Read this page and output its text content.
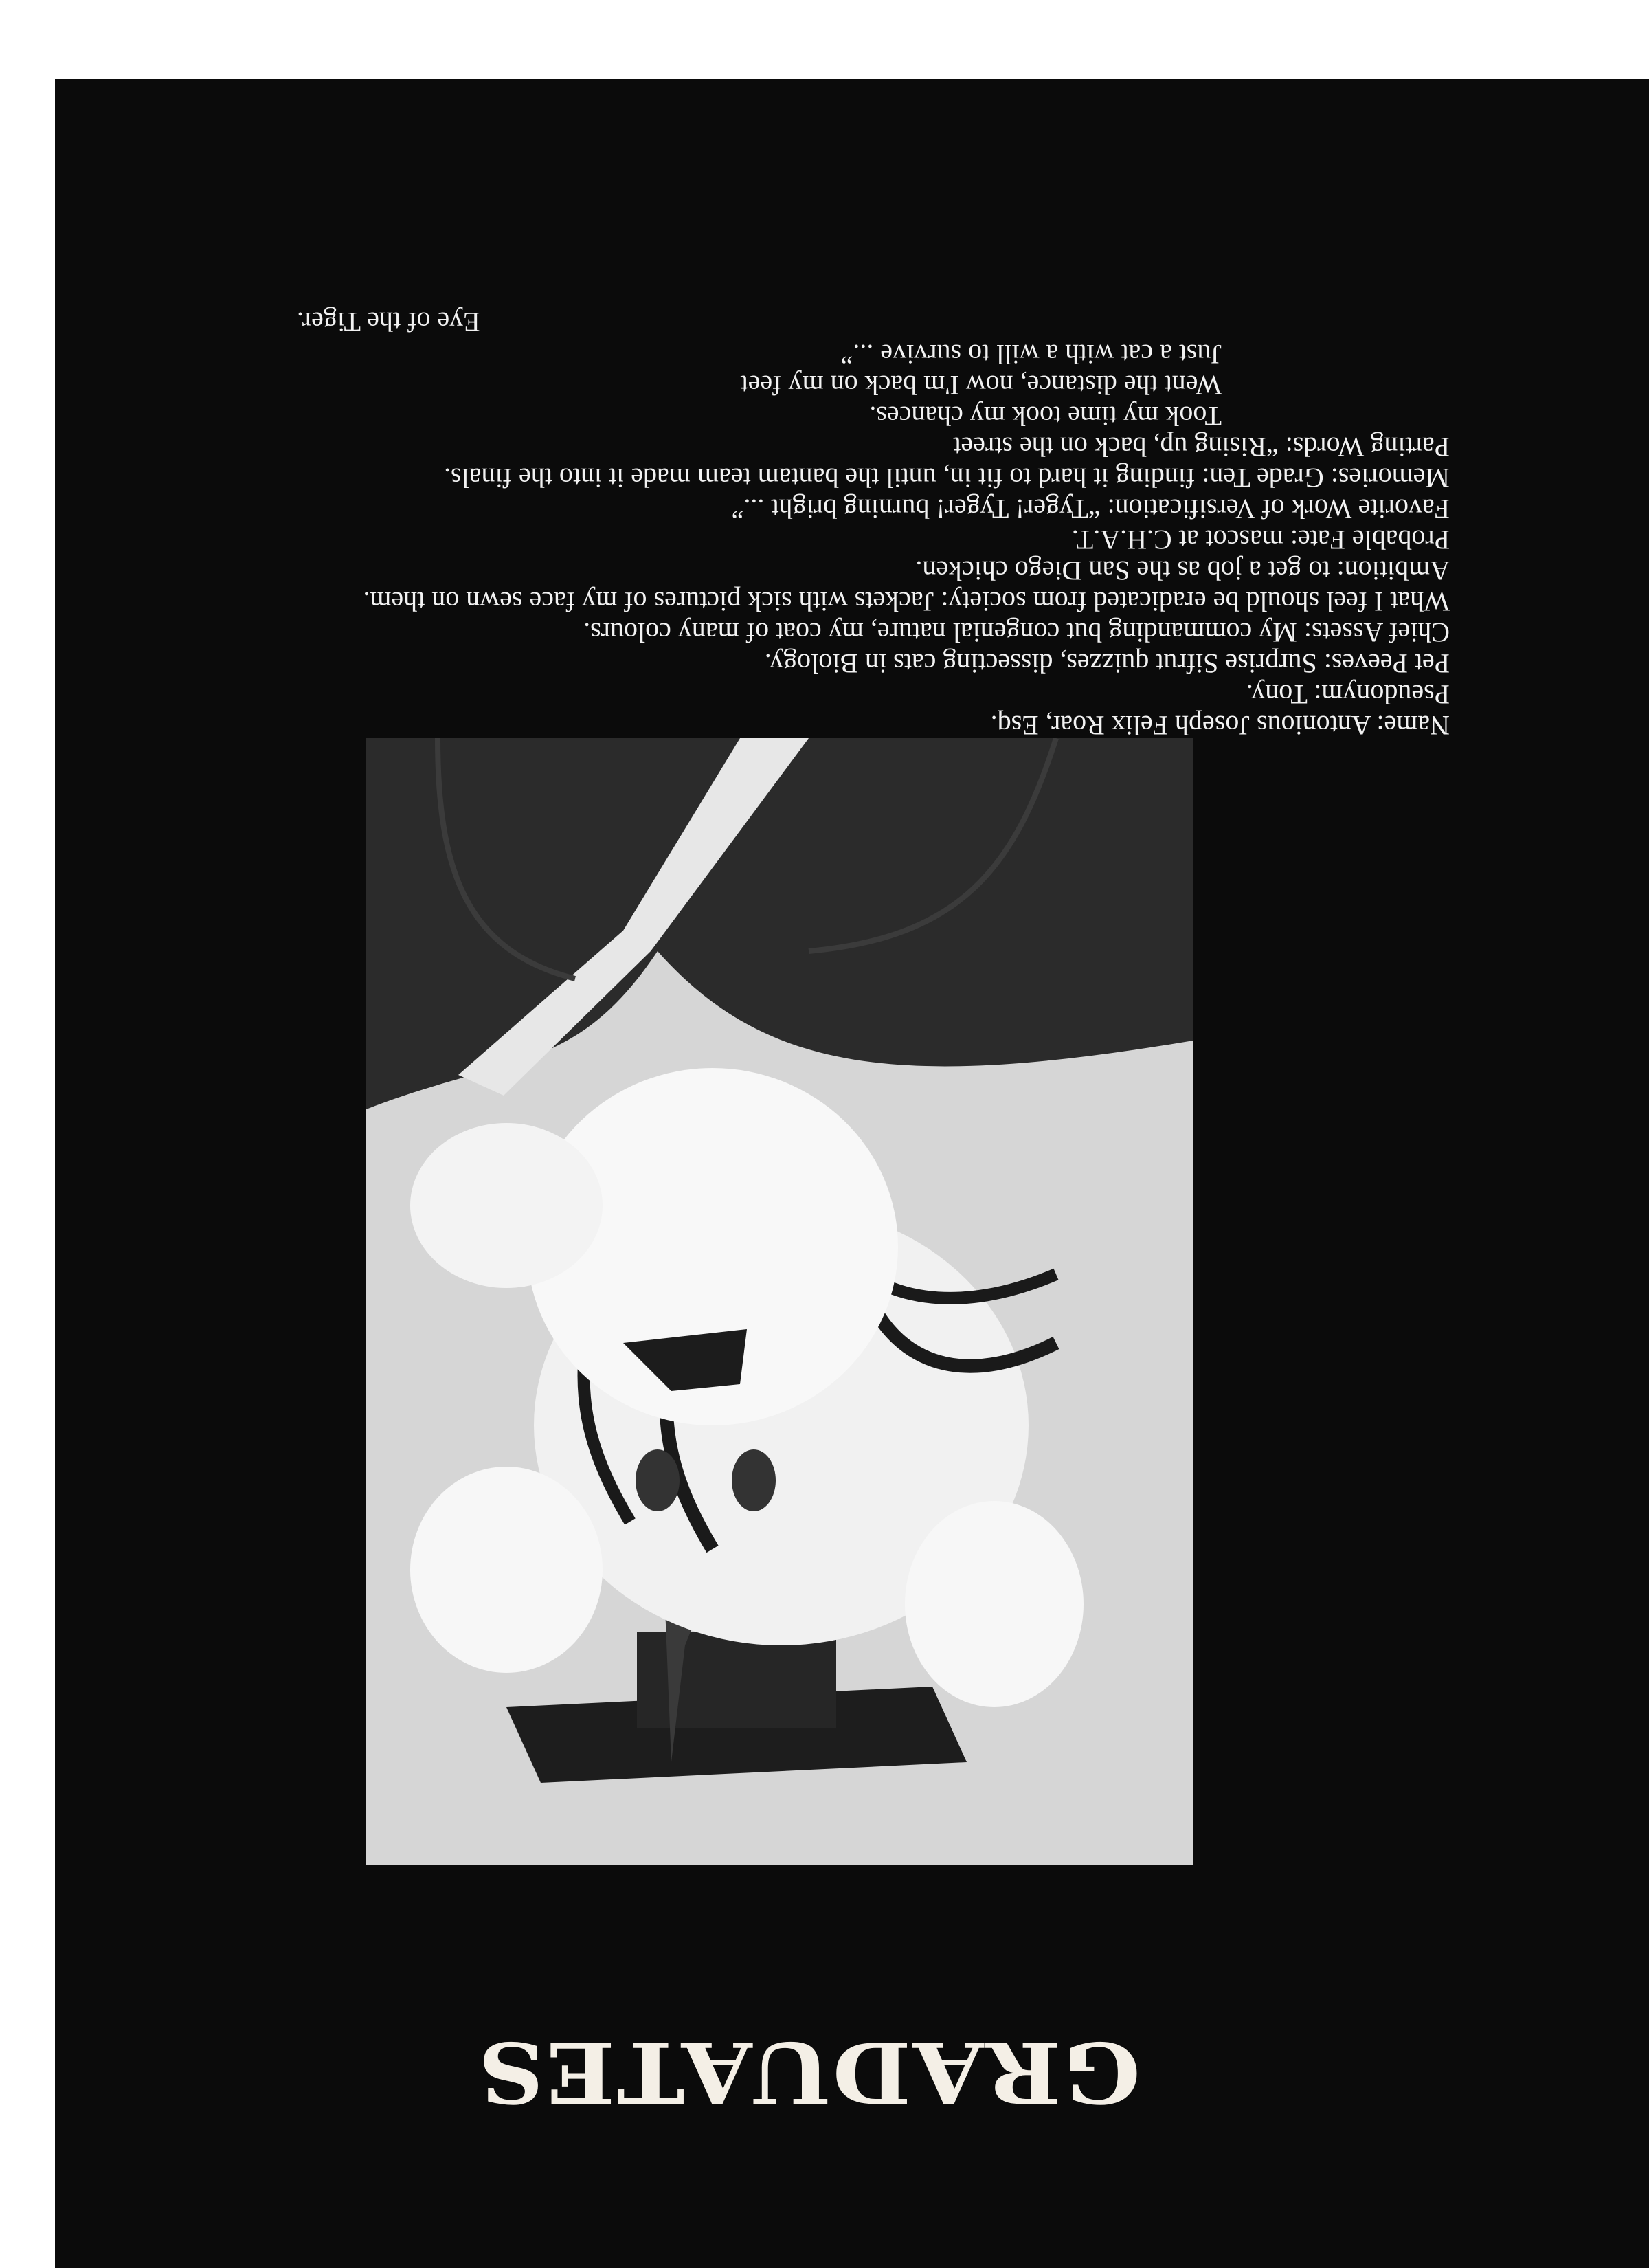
GRADUATES

Name: Antonious Joseph Felix Roar, Esq.

Pseudonym: Tony.

Pet Peeves: Surprise Sifrut quizzes, dissecting cats in Biology.

Chief Assets: My commanding but congenial nature, my coat of many colours.

What I feel should be eradicated from society: Jackets with sick pictures of my face sewn on them.

Ambition: to get a job as the San Diego chicken.

Probable Fate: mascot at C.H.A.T.

Favorite Work of Versification: “Tyger! Tyger! burning bright ...”

Memories: Grade Ten: finding it hard to fit in, until the bantam team made it into the finals.

Parting Words: “Rising up, back on the street

Took my time took my chances.

Went the distance, now I'm back on my feet

Just a cat with a will to survive ...”

Eye of the Tiger.
